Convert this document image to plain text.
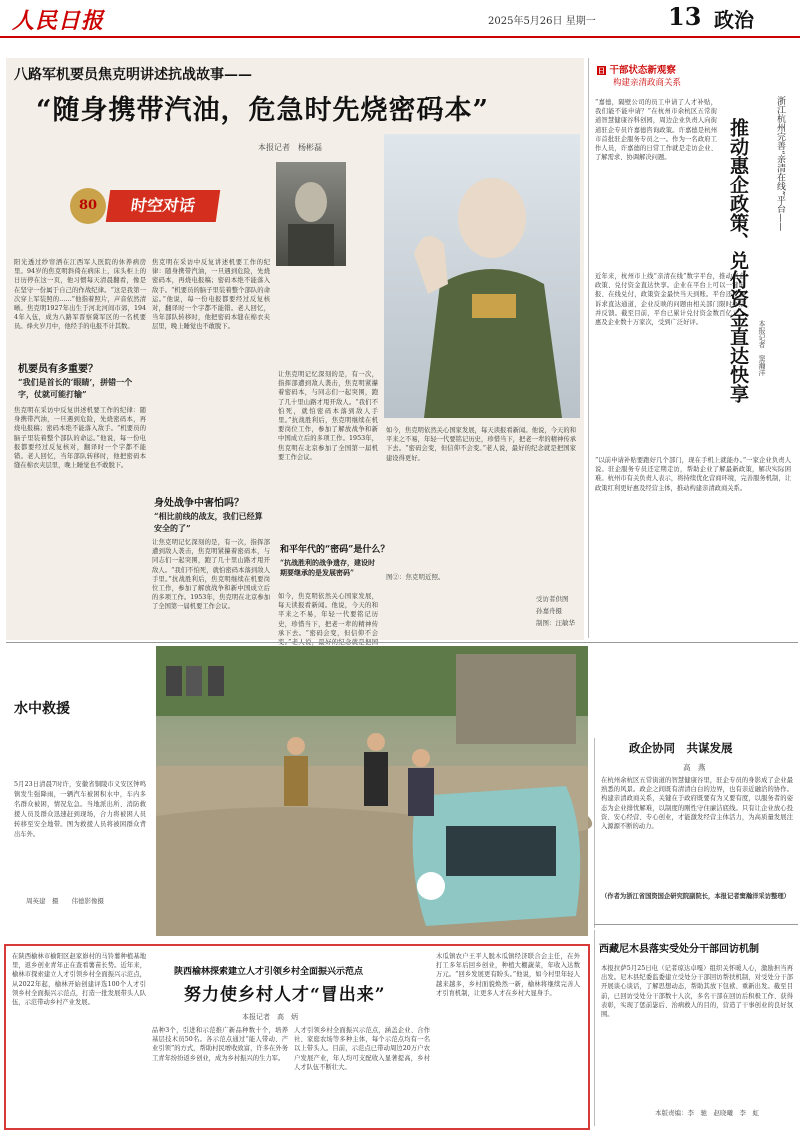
人民日报	2025年5月26日 星期一	13 政治
八路军机要员焦克明讲述抗战故事——
“随身携带汽油，危急时先烧密码本”
本报记者　杨彬磊
80	时空对话
阳光透过纱帘洒在江西军人医院的休养病房里。94岁的焦克明斜倚在病床上，床头柜上的日历停在这一页，他习惯每天清晨翻看，像是在坚守一份属于自己的作战纪律。“这是我第一次穿上军装照的……”他指着照片，声音依然清晰。焦克明1927年出生于河北河间市郊，1944年入伍，成为八路军晋察冀军区的一名机要员。烽火岁月中，他经手的电报不计其数。
机要员有多重要？
“我们是首长的‘眼睛’，拼错一个字，仗就可能打输”
焦克明在采访中反复讲述机要工作的纪律：随身携带汽油，一旦遇到危险，先烧密码本，再烧电报稿；密码本绝不能落入敌手。“机要员的脑子里装着整个部队的命运。”他说，每一份电报都要经过反复核对，翻译时一个字都不能错。老人回忆，当年部队转移时，他把密码本缝在棉衣夹层里，晚上睡觉也不敢脱下。
焦克明在采访中反复讲述机要工作的纪律：随身携带汽油，一旦遇到危险，先烧密码本，再烧电报稿；密码本绝不能落入敌手。“机要员的脑子里装着整个部队的命运。”他说，每一份电报都要经过反复核对，翻译时一个字都不能错。老人回忆，当年部队转移时，他把密码本缝在棉衣夹层里，晚上睡觉也不敢脱下。
身处战争中害怕吗？
“相比前线的战友，我们已经算安全的了”
让焦克明记忆深刻的是，有一次，指挥部遭到敌人袭击，焦克明紧攥着密码本，与同志们一起突围，跑了几十里山路才甩开敌人。“我们不怕死，就怕密码本落到敌人手里。”抗战胜利后，焦克明继续在机要岗位工作，参加了解放战争和新中国成立后的多项工作。1953年，焦克明在北京参加了全国第一届机要工作会议。
让焦克明记忆深刻的是，有一次，指挥部遭到敌人袭击，焦克明紧攥着密码本，与同志们一起突围，跑了几十里山路才甩开敌人。“我们不怕死，就怕密码本落到敌人手里。”抗战胜利后，焦克明继续在机要岗位工作，参加了解放战争和新中国成立后的多项工作。1953年，焦克明在北京参加了全国第一届机要工作会议。
和平年代的“密码”是什么？
“抗战胜利的战争遗存，建设时期要继承的是发展密码”
如今，焦克明依然关心国家发展，每天读报看新闻。他说，今天的和平来之不易，年轻一代要铭记历史，珍惜当下，把老一辈的精神传承下去。“密码会变，但信仰不会变。”老人说，最好的纪念就是把国
如今，焦克明依然关心国家发展，每天读报看新闻。他说，今天的和平来之不易，年轻一代要铭记历史，珍惜当下，把老一辈的精神传承下去。“密码会变，但信仰不会变。”老人说，最好的纪念就是把国家建设得更好。
图②：焦克明近照。
受访者供图
孙嘉舟摄
制图：汪敏华
日 干部状态新观察
构建亲清政商关系
“嘉德，隔壁公司的员工申请了人才补贴，我们能不能申请？”在杭州市余杭区五常街道智慧健康谷科创园，周边企业负责人向街道驻企专员许嘉德咨询政策。许嘉德是杭州市首批驻企服务专员之一。作为一名政府工作人员，许嘉德的日常工作就是走访企业、了解需求、协调解决问题。
近年来，杭州市上线“亲清在线”数字平台，推动惠企政策、兑付资金直达快享。企业在平台上可以一键申报、在线兑付，政策资金最快当天到账。平台还设置诉求直达通道，企业反映的问题由相关部门限时办结并反馈。截至目前，平台已累计兑付资金数百亿元，惠及企业数十万家次，受到广泛好评。
“以前申请补贴要跑好几个部门，现在手机上就能办。”一家企业负责人说。驻企服务专员还定期走访，帮助企业了解最新政策，解决实际困难。杭州市有关负责人表示，将持续优化营商环境，完善服务机制，让政策红利更好惠及经营主体，推动构建亲清政商关系。
本报记者　窦瀚洋
浙江杭州完善“亲清在线”平台——
推动惠企政策、兑付资金直达快享
水中救援
5月23日清晨7时许，安徽省铜陵市义安区钟鸣镇发生强降雨，一辆汽车被困积水中，车内多名群众被困，情况危急。当地派出所、消防救援人员及群众迅速赶到现场，合力将被困人员转移至安全地带。图为救援人员将被困群众背出车外。
周英建　摄　　伟德影像摄
政企协同　共谋发展
高　燕
在杭州余杭区五常街道的智慧健康谷里，驻企专员的身影成了企业最熟悉的风景。政企之间既有清清白白的边界，也有亲近融洽的协作。构建亲清政商关系，关键在于政府既要有为又要有度，以服务者的姿态为企业排忧解难，以制度的刚性守住廉洁底线。只有让企业放心投资、安心经营、专心创业，才能激发经营主体活力，为高质量发展注入源源不断的动力。
（作者为浙江省国资国企研究院副院长，本报记者窦瀚洋采访整理）
在陕西榆林市榆阳区赵家峁村的马铃薯种植基地里，返乡创业青年正在查看薯苗长势。近年来，榆林市探索建立人才引领乡村全面振兴示范点，从2022年起，榆林开始创建评选100个人才引领乡村全面振兴示范点，打造一批发展带头人队伍，示范带动乡村产业发展。
陕西榆林探索建立人才引领乡村全面振兴示范点
努力使乡村人才“冒出来”
本报记者　高　炳
品种3个，引进和示范推广新品种数十个，培养基层技术员50名。各示范点通过“能人带动、产业引领”的方式，帮助村民增收致富，许多在外务工青年纷纷返乡创业，成为乡村振兴的生力军。
人才引领乡村全面振兴示范点，涵盖企业、合作社、家庭农场等多种主体，每个示范点均有一名以上带头人。目前，示范点已带动周边20万户农户发展产业，年人均可支配收入显著提高，乡村人才队伍不断壮大。
木瓜镇农户王平人脱木瓜镇经济联合会主任，在外打工多年后回乡创业，种植大棚蔬菜，年收入达数万元。“回乡发展更有盼头。”他说，如今村里年轻人越来越多，乡村面貌焕然一新，榆林将继续完善人才引育机制，让更多人才在乡村大显身手。
西藏尼木县落实受处分干部回访机制
本报拉萨5月25日电（记者琼达卓嘎）组织关怀暖人心，激励担当再出发。尼木县纪委监委建立受处分干部回访帮扶机制，对受处分干部开展谈心谈话，了解思想动态，帮助其放下包袱、重新出发。截至目前，已回访受处分干部数十人次，多名干部在回访后积极工作、获得表彰，实现了惩前毖后、治病救人的目的，营造了干事创业的良好氛围。
本版责编：李　驰　赵晓曦　李　虹
